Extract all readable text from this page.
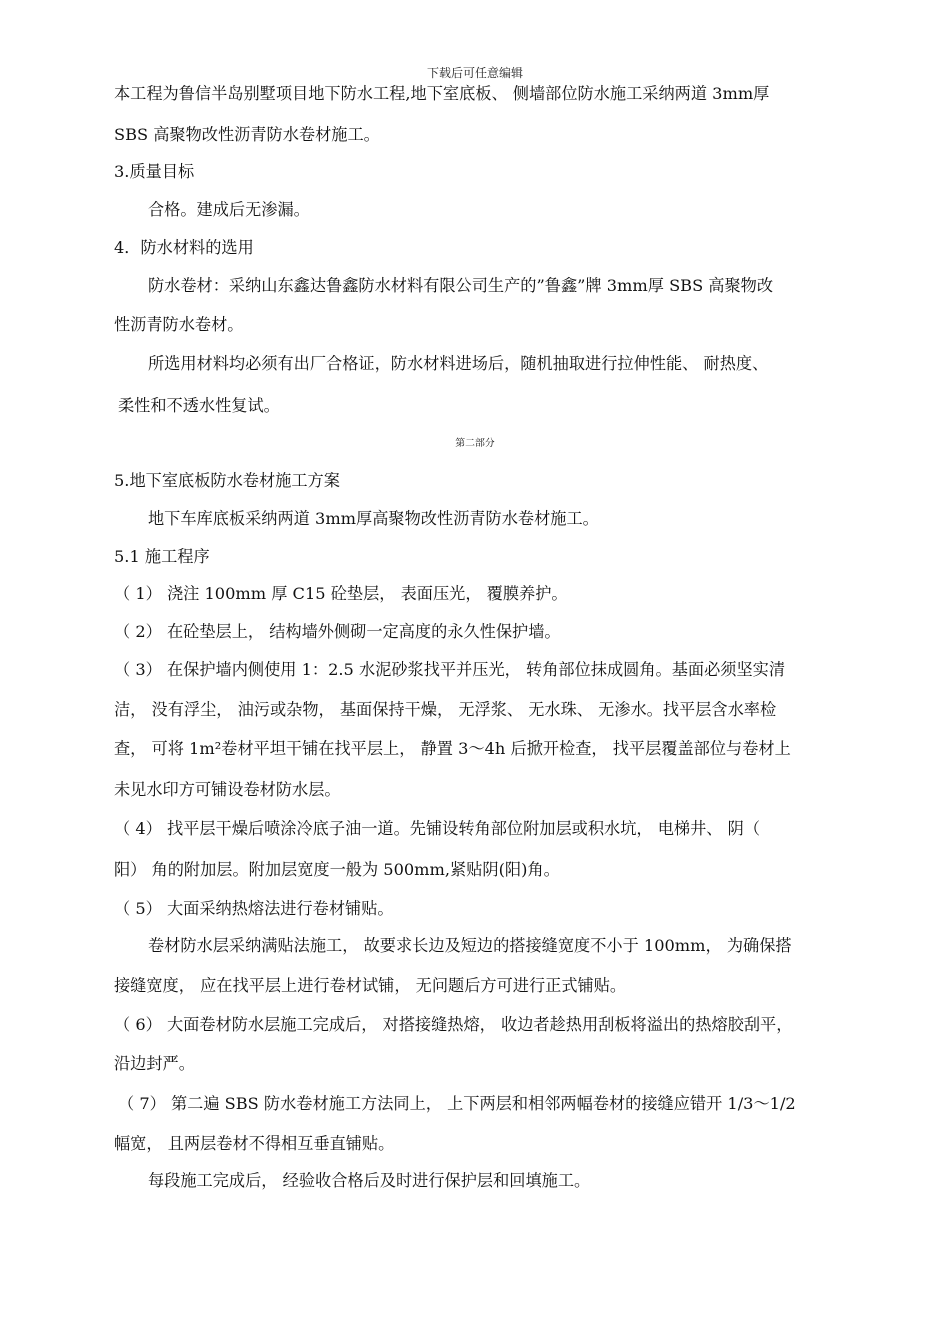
下载后可任意编辑
本工程为鲁信半岛别墅项目地下防水工程,地下室底板、 侧墙部位防水施工采纳两道 3mm厚
SBS 高聚物改性沥青防水卷材施工。
3.质量目标
合格。建成后无渗漏。
4．防水材料的选用
防水卷材：采纳山东鑫达鲁鑫防水材料有限公司生产的”鲁鑫”牌 3mm厚 SBS 高聚物改
性沥青防水卷材。
所选用材料均必须有出厂合格证，防水材料进场后，随机抽取进行拉伸性能、 耐热度、
柔性和不透水性复试。
第二部分
5.地下室底板防水卷材施工方案
地下车库底板采纳两道 3mm厚高聚物改性沥青防水卷材施工。
5.1 施工程序
（ 1） 浇注 100mm 厚 C15 砼垫层， 表面压光， 覆膜养护。
（ 2） 在砼垫层上， 结构墙外侧砌一定高度的永久性保护墙。
（ 3） 在保护墙内侧使用 1：2.5 水泥砂浆找平并压光， 转角部位抹成圆角。基面必须坚实清
洁， 没有浮尘， 油污或杂物， 基面保持干燥， 无浮浆、 无水珠、 无渗水。找平层含水率检
查， 可将 1m²卷材平坦干铺在找平层上， 静置 3～4h 后掀开检查， 找平层覆盖部位与卷材上
未见水印方可铺设卷材防水层。
（ 4） 找平层干燥后喷涂冷底子油一道。先铺设转角部位附加层或积水坑， 电梯井、 阴（
阳） 角的附加层。附加层宽度一般为 500mm,紧贴阴(阳)角。
（ 5） 大面采纳热熔法进行卷材铺贴。
卷材防水层采纳满贴法施工， 故要求长边及短边的搭接缝宽度不小于 100mm， 为确保搭
接缝宽度， 应在找平层上进行卷材试铺， 无问题后方可进行正式铺贴。
（ 6） 大面卷材防水层施工完成后， 对搭接缝热熔， 收边者趁热用刮板将溢出的热熔胶刮平，
沿边封严。
（ 7） 第二遍 SBS 防水卷材施工方法同上， 上下两层和相邻两幅卷材的接缝应错开 1/3～1/2
幅宽， 且两层卷材不得相互垂直铺贴。
每段施工完成后， 经验收合格后及时进行保护层和回填施工。
